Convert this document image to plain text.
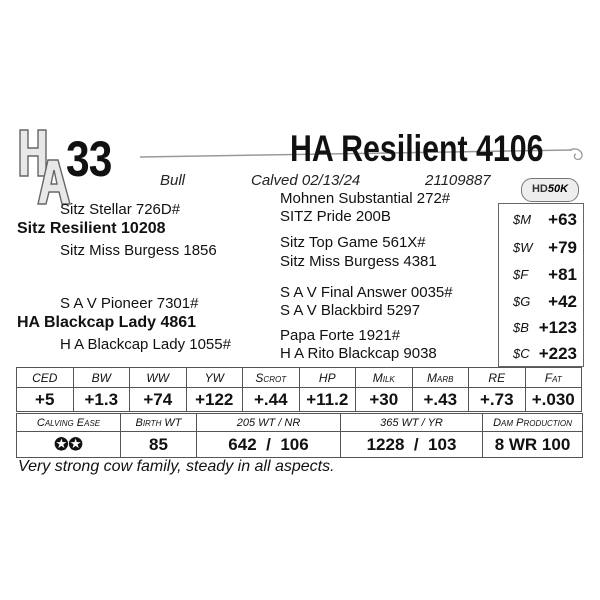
33	HA Resilient 4106
Bull	Calved 02/13/24	21109887	HD50K
Sitz Stellar 726D#
Sitz Resilient 10208
Sitz Miss Burgess 1856
S A V Pioneer 7301#
HA Blackcap Lady 4861
H A Blackcap Lady 1055#
Mohnen Substantial 272#
SITZ Pride 200B
Sitz Top Game 561X#
Sitz Miss Burgess 4381
S A V Final Answer 0035#
S A V Blackbird 5297
Papa Forte 1921#
H A Rito Blackcap 9038
$M +63
$W +79
$F +81
$G +42
$B +123
$C +223
CED	BW	WW	YW	Scrot	HP	Milk	Marb	RE	Fat
+5	+1.3	+74	+122	+.44	+11.2	+30	+.43	+.73	+.030
Calving Ease	Birth WT	205 WT / NR	365 WT / YR	Dam Production
✪✪	85	642 / 106	1228 / 103	8 WR 100
Very strong cow family, steady in all aspects.
